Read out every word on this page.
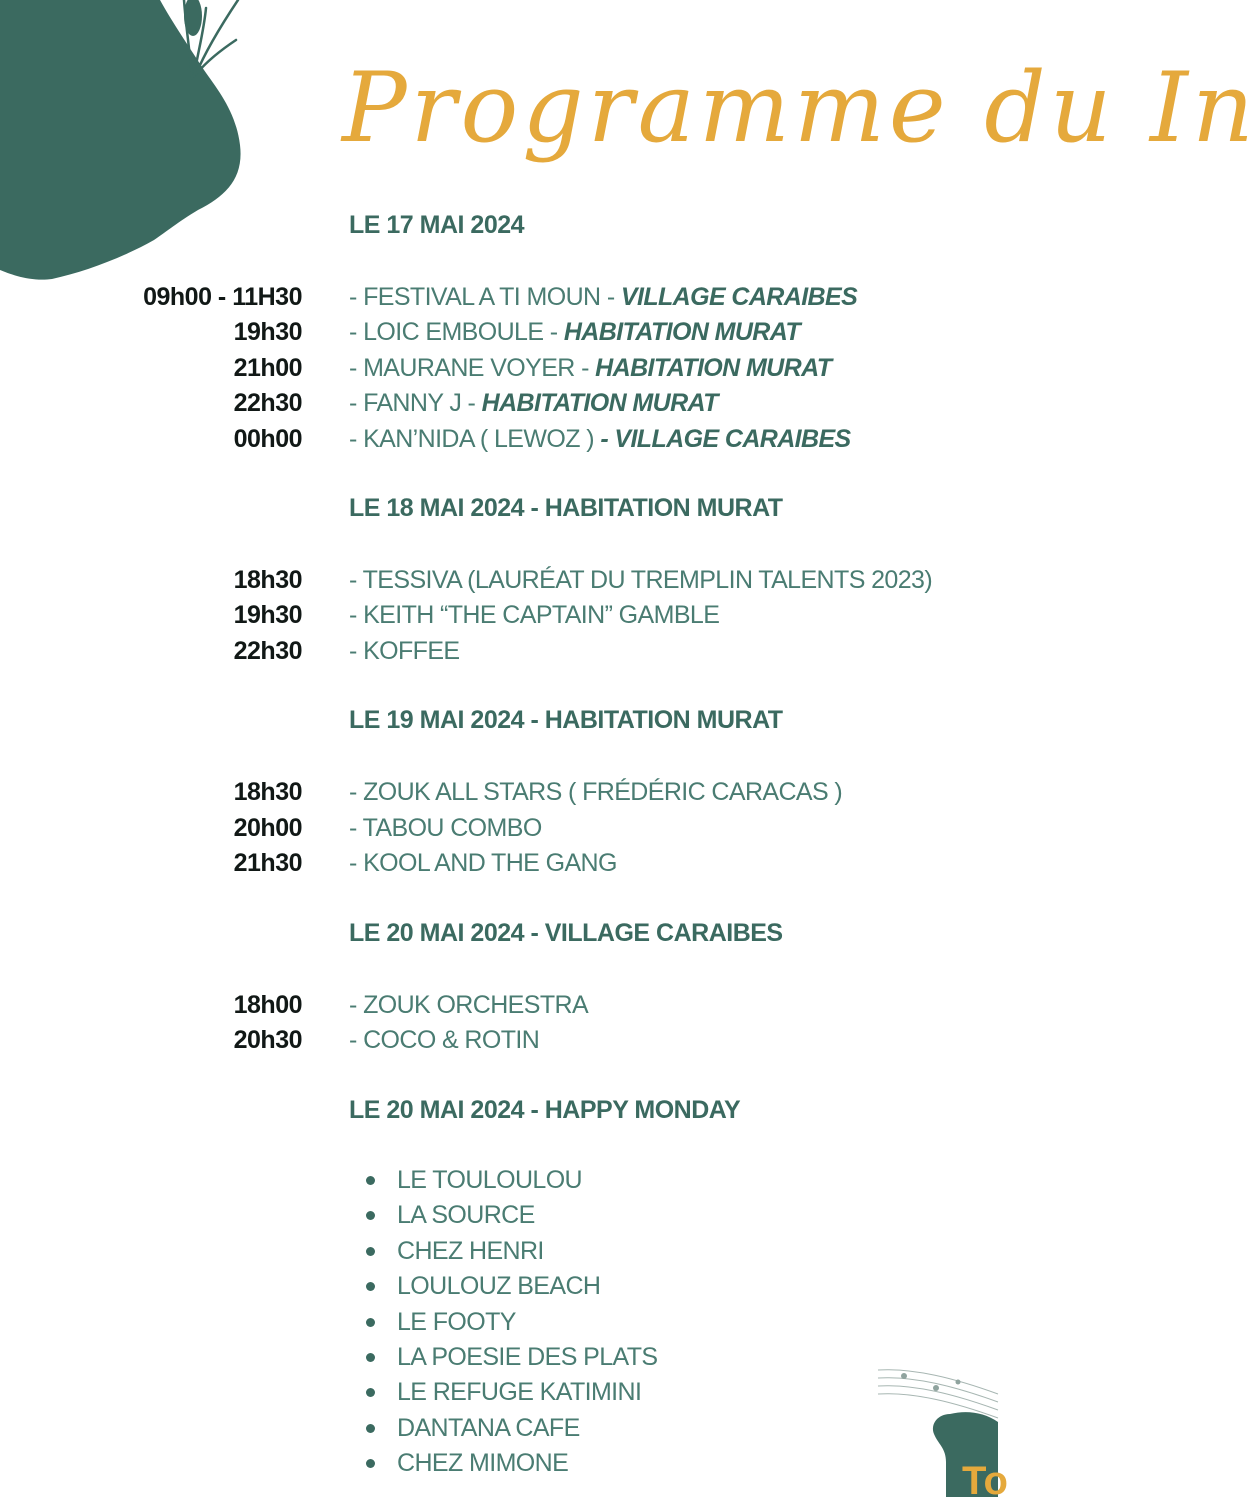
To
Programme du In
LE 17 MAI 2024
09h00 - 11H30 - FESTIVAL A TI MOUN - VILLAGE CARAIBES
19h30 - LOIC EMBOULE - HABITATION MURAT
21h00 - MAURANE VOYER - HABITATION MURAT
22h30 - FANNY J - HABITATION MURAT
00h00 - KAN’NIDA ( LEWOZ ) - VILLAGE CARAIBES
LE 18 MAI 2024 - HABITATION MURAT
18h30 - TESSIVA (LAURÉAT DU TREMPLIN TALENTS 2023)
19h30 - KEITH “THE CAPTAIN” GAMBLE
22h30 - KOFFEE
LE 19 MAI 2024 - HABITATION MURAT
18h30 - ZOUK ALL STARS ( FRÉDÉRIC CARACAS )
20h00 - TABOU COMBO
21h30 - KOOL AND THE GANG
LE 20 MAI 2024 - VILLAGE CARAIBES
18h00 - ZOUK ORCHESTRA
20h30 - COCO & ROTIN
LE 20 MAI 2024 - HAPPY MONDAY
LE TOULOULOU
LA SOURCE
CHEZ HENRI
LOULOUZ BEACH
LE FOOTY
LA POESIE DES PLATS
LE REFUGE KATIMINI
DANTANA CAFE
CHEZ MIMONE
